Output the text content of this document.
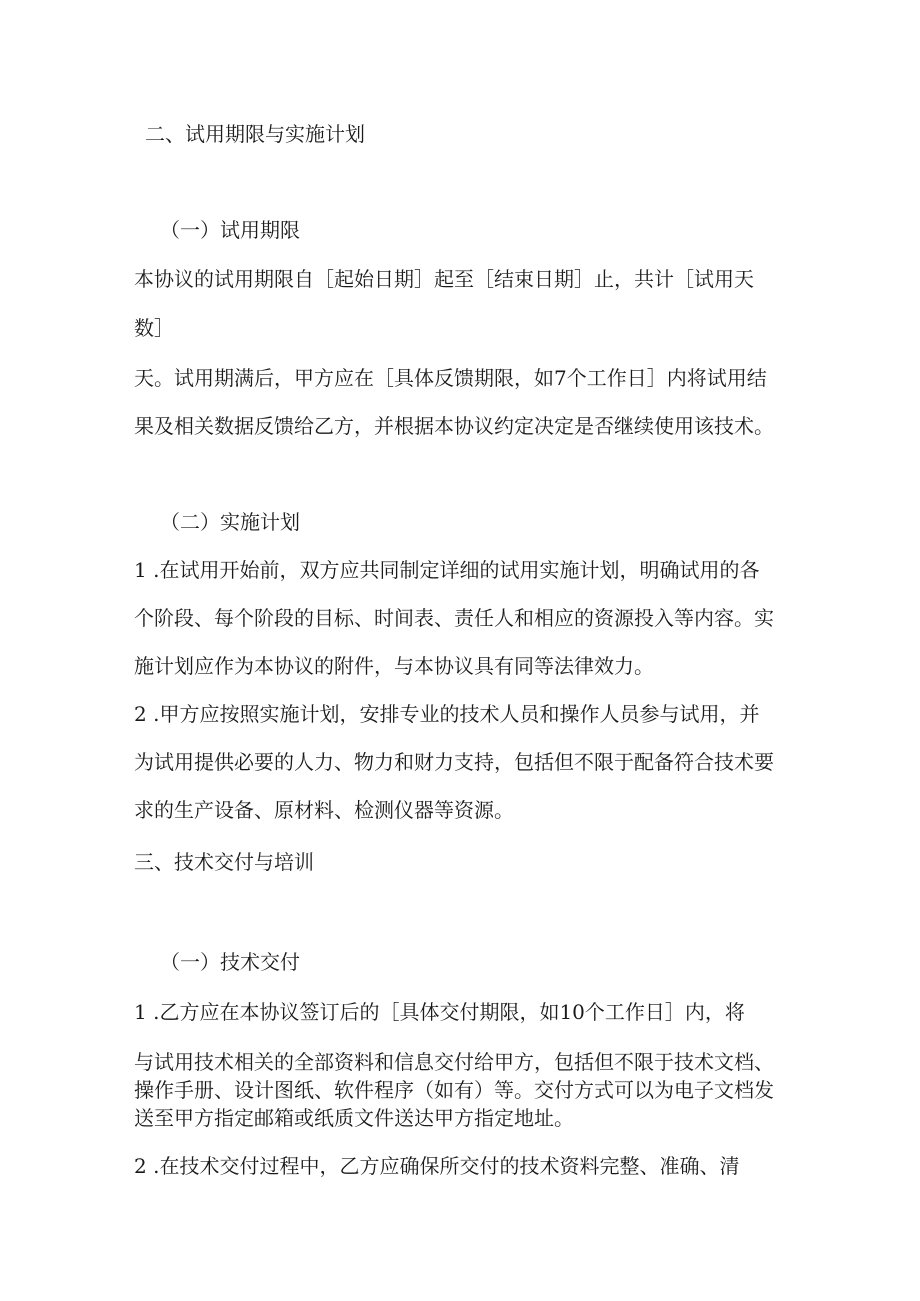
二、试用期限与实施计划
（一）试用期限
本协议的试用期限自［起始日期］起至［结束日期］止，共计［试用天
数］
天。试用期满后，甲方应在［具体反馈期限，如7个工作日］内将试用结
果及相关数据反馈给乙方，并根据本协议约定决定是否继续使用该技术。
（二）实施计划
1 .在试用开始前，双方应共同制定详细的试用实施计划，明确试用的各
个阶段、每个阶段的目标、时间表、责任人和相应的资源投入等内容。实
施计划应作为本协议的附件，与本协议具有同等法律效力。
2 .甲方应按照实施计划，安排专业的技术人员和操作人员参与试用，并
为试用提供必要的人力、物力和财力支持，包括但不限于配备符合技术要
求的生产设备、原材料、检测仪器等资源。
三、技术交付与培训
（一）技术交付
1 .乙方应在本协议签订后的［具体交付期限，如10个工作日］内，将
与试用技术相关的全部资料和信息交付给甲方，包括但不限于技术文档、
操作手册、设计图纸、软件程序（如有）等。交付方式可以为电子文档发
送至甲方指定邮箱或纸质文件送达甲方指定地址。
2 .在技术交付过程中，乙方应确保所交付的技术资料完整、准确、清
